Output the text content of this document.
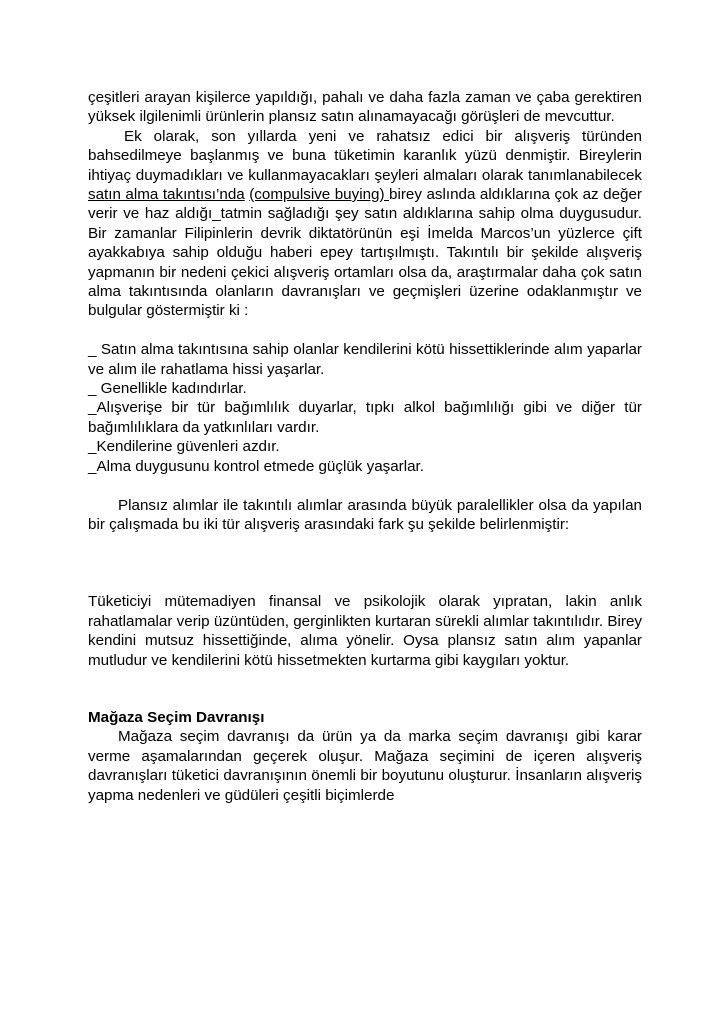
çeşitleri arayan kişilerce yapıldığı, pahalı ve daha fazla zaman ve çaba gerektiren yüksek ilgilenimli ürünlerin plansız satın alınamayacağı görüşleri de mevcuttur.

Ek olarak, son yıllarda yeni ve rahatsız edici bir alışveriş türünden bahsedilmeye başlanmış ve buna tüketimin karanlık yüzü denmiştir. Bireylerin ihtiyaç duymadıkları ve kullanmayacakları şeyleri almaları olarak tanımlanabilecek satın alma takıntısı’nda (compulsive buying) birey aslında aldıklarına çok az değer verir ve haz aldığı_tatmin sağladığı şey satın aldıklarına sahip olma duygusudur. Bir zamanlar Filipinlerin devrik diktatörünün eşi İmelda Marcos’un yüzlerce çift ayakkabıya sahip olduğu haberi epey tartışılmıştı. Takıntılı bir şekilde alışveriş yapmanın bir nedeni çekici alışveriş ortamları olsa da, araştırmalar daha çok satın alma takıntısında olanların davranışları ve geçmişleri üzerine odaklanmıştır ve bulgular göstermiştir ki :

_ Satın alma takıntısına sahip olanlar kendilerini kötü hissettiklerinde alım yaparlar ve alım ile rahatlama hissi yaşarlar.

_ Genellikle kadındırlar.

_Alışverişe bir tür bağımlılık duyarlar, tıpkı alkol bağımlılığı gibi ve diğer tür bağımlılıklara da yatkınlıları vardır.

_Kendilerine güvenleri azdır.

_Alma duygusunu kontrol etmede güçlük yaşarlar.

Plansız alımlar ile takıntılı alımlar arasında büyük paralellikler olsa da yapılan bir çalışmada bu iki tür alışveriş arasındaki fark şu şekilde belirlenmiştir:

Tüketiciyi mütemadiyen finansal ve psikolojik olarak yıpratan, lakin anlık rahatlamalar verip üzüntüden, gerginlikten kurtaran sürekli alımlar takıntılıdır. Birey kendini mutsuz hissettiğinde, alıma yönelir. Oysa plansız satın alım yapanlar mutludur ve kendilerini kötü hissetmekten kurtarma gibi kaygıları yoktur.

Mağaza Seçim Davranışı

Mağaza seçim davranışı da ürün ya da marka seçim davranışı gibi karar verme aşamalarından geçerek oluşur. Mağaza seçimini de içeren alışveriş davranışları tüketici davranışının önemli bir boyutunu oluşturur. İnsanların alışveriş yapma nedenleri ve güdüleri çeşitli biçimlerde
